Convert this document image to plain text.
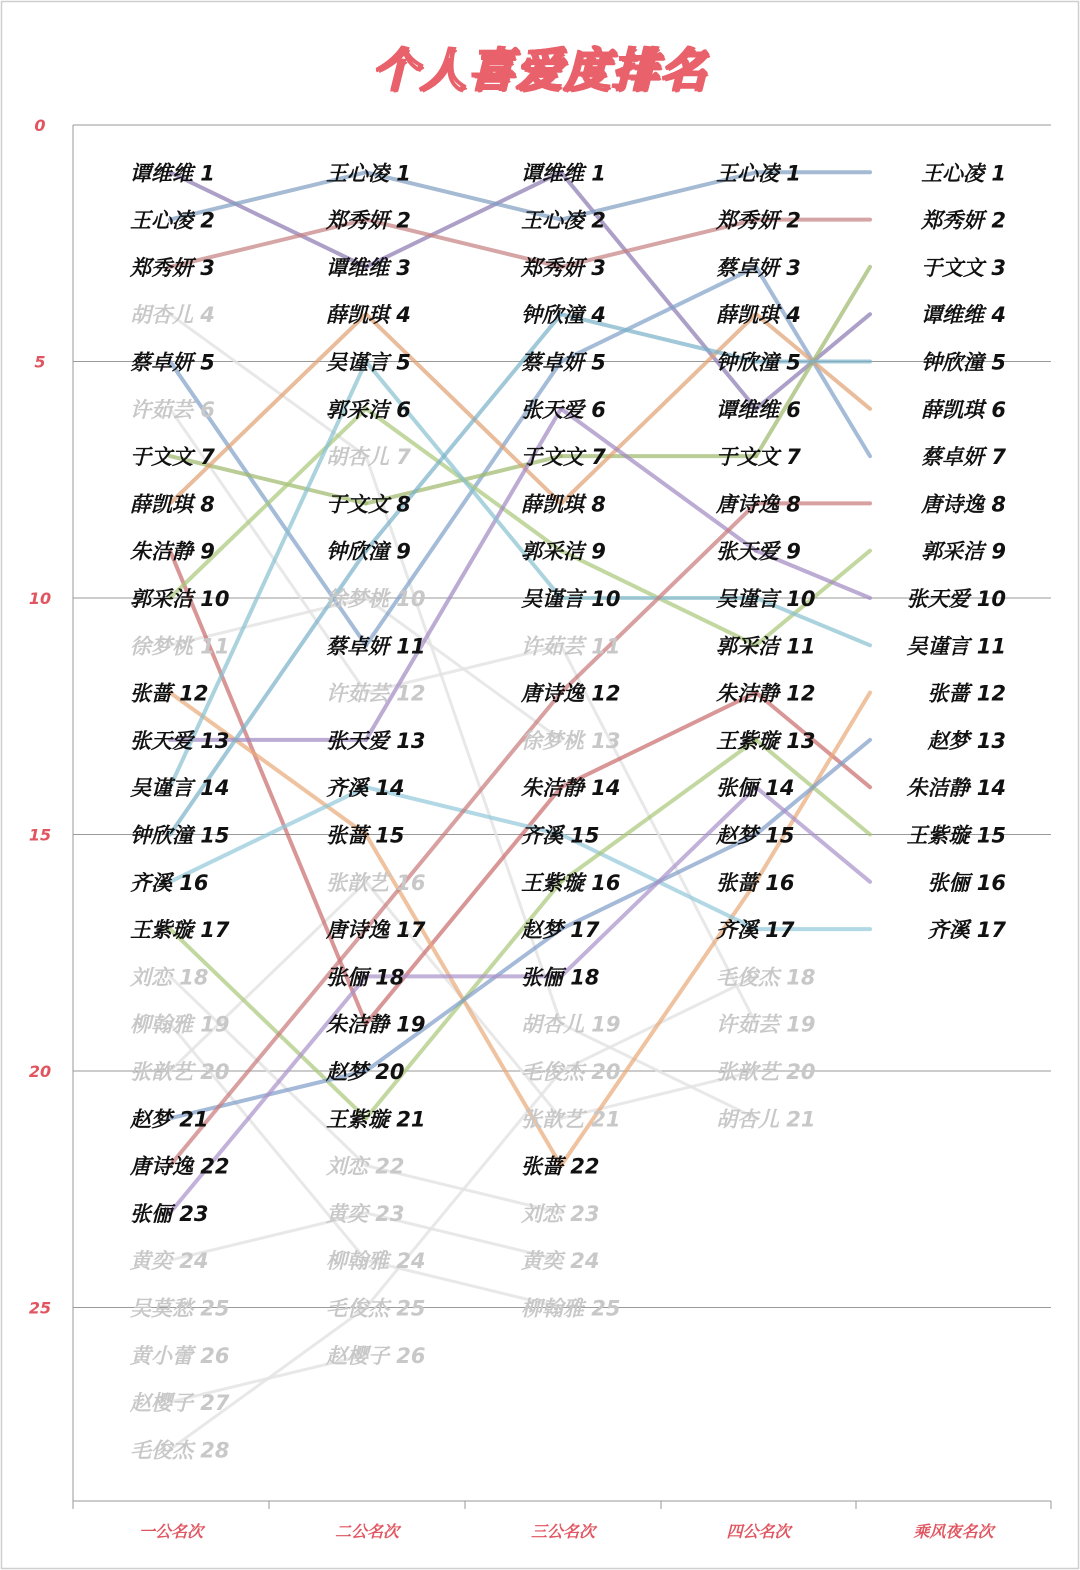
个人喜爱度排名
0
5
10
15
20
25
一公名次	二公名次	三公名次	四公名次	乘风夜名次
谭维维 1
王心凌 2
郑秀妍 3
胡杏儿 4
蔡卓妍 5
许茹芸 6
于文文 7
薛凯琪 8
朱洁静 9
郭采洁 10
徐梦桃 11
张蔷 12
张天爱 13
吴谨言 14
钟欣潼 15
齐溪 16
王紫璇 17
刘恋 18
柳翰雅 19
张歆艺 20
赵梦 21
唐诗逸 22
张俪 23
黄奕 24
吴莫愁 25
黄小蕾 26
赵樱子 27
毛俊杰 28
王心凌 1
郑秀妍 2
谭维维 3
薛凯琪 4
吴谨言 5
郭采洁 6
胡杏儿 7
于文文 8
钟欣潼 9
徐梦桃 10
蔡卓妍 11
许茹芸 12
张天爱 13
齐溪 14
张蔷 15
张歆艺 16
唐诗逸 17
张俪 18
朱洁静 19
赵梦 20
王紫璇 21
刘恋 22
黄奕 23
柳翰雅 24
毛俊杰 25
赵樱子 26
谭维维 1
王心凌 2
郑秀妍 3
钟欣潼 4
蔡卓妍 5
张天爱 6
于文文 7
薛凯琪 8
郭采洁 9
吴谨言 10
许茹芸 11
唐诗逸 12
徐梦桃 13
朱洁静 14
齐溪 15
王紫璇 16
赵梦 17
张俪 18
胡杏儿 19
毛俊杰 20
张歆艺 21
张蔷 22
刘恋 23
黄奕 24
柳翰雅 25
王心凌 1
郑秀妍 2
蔡卓妍 3
薛凯琪 4
钟欣潼 5
谭维维 6
于文文 7
唐诗逸 8
张天爱 9
吴谨言 10
郭采洁 11
朱洁静 12
王紫璇 13
张俪 14
赵梦 15
张蔷 16
齐溪 17
毛俊杰 18
许茹芸 19
张歆艺 20
胡杏儿 21
王心凌 1
郑秀妍 2
于文文 3
谭维维 4
钟欣潼 5
薛凯琪 6
蔡卓妍 7
唐诗逸 8
郭采洁 9
张天爱 10
吴谨言 11
张蔷 12
赵梦 13
朱洁静 14
王紫璇 15
张俪 16
齐溪 17
